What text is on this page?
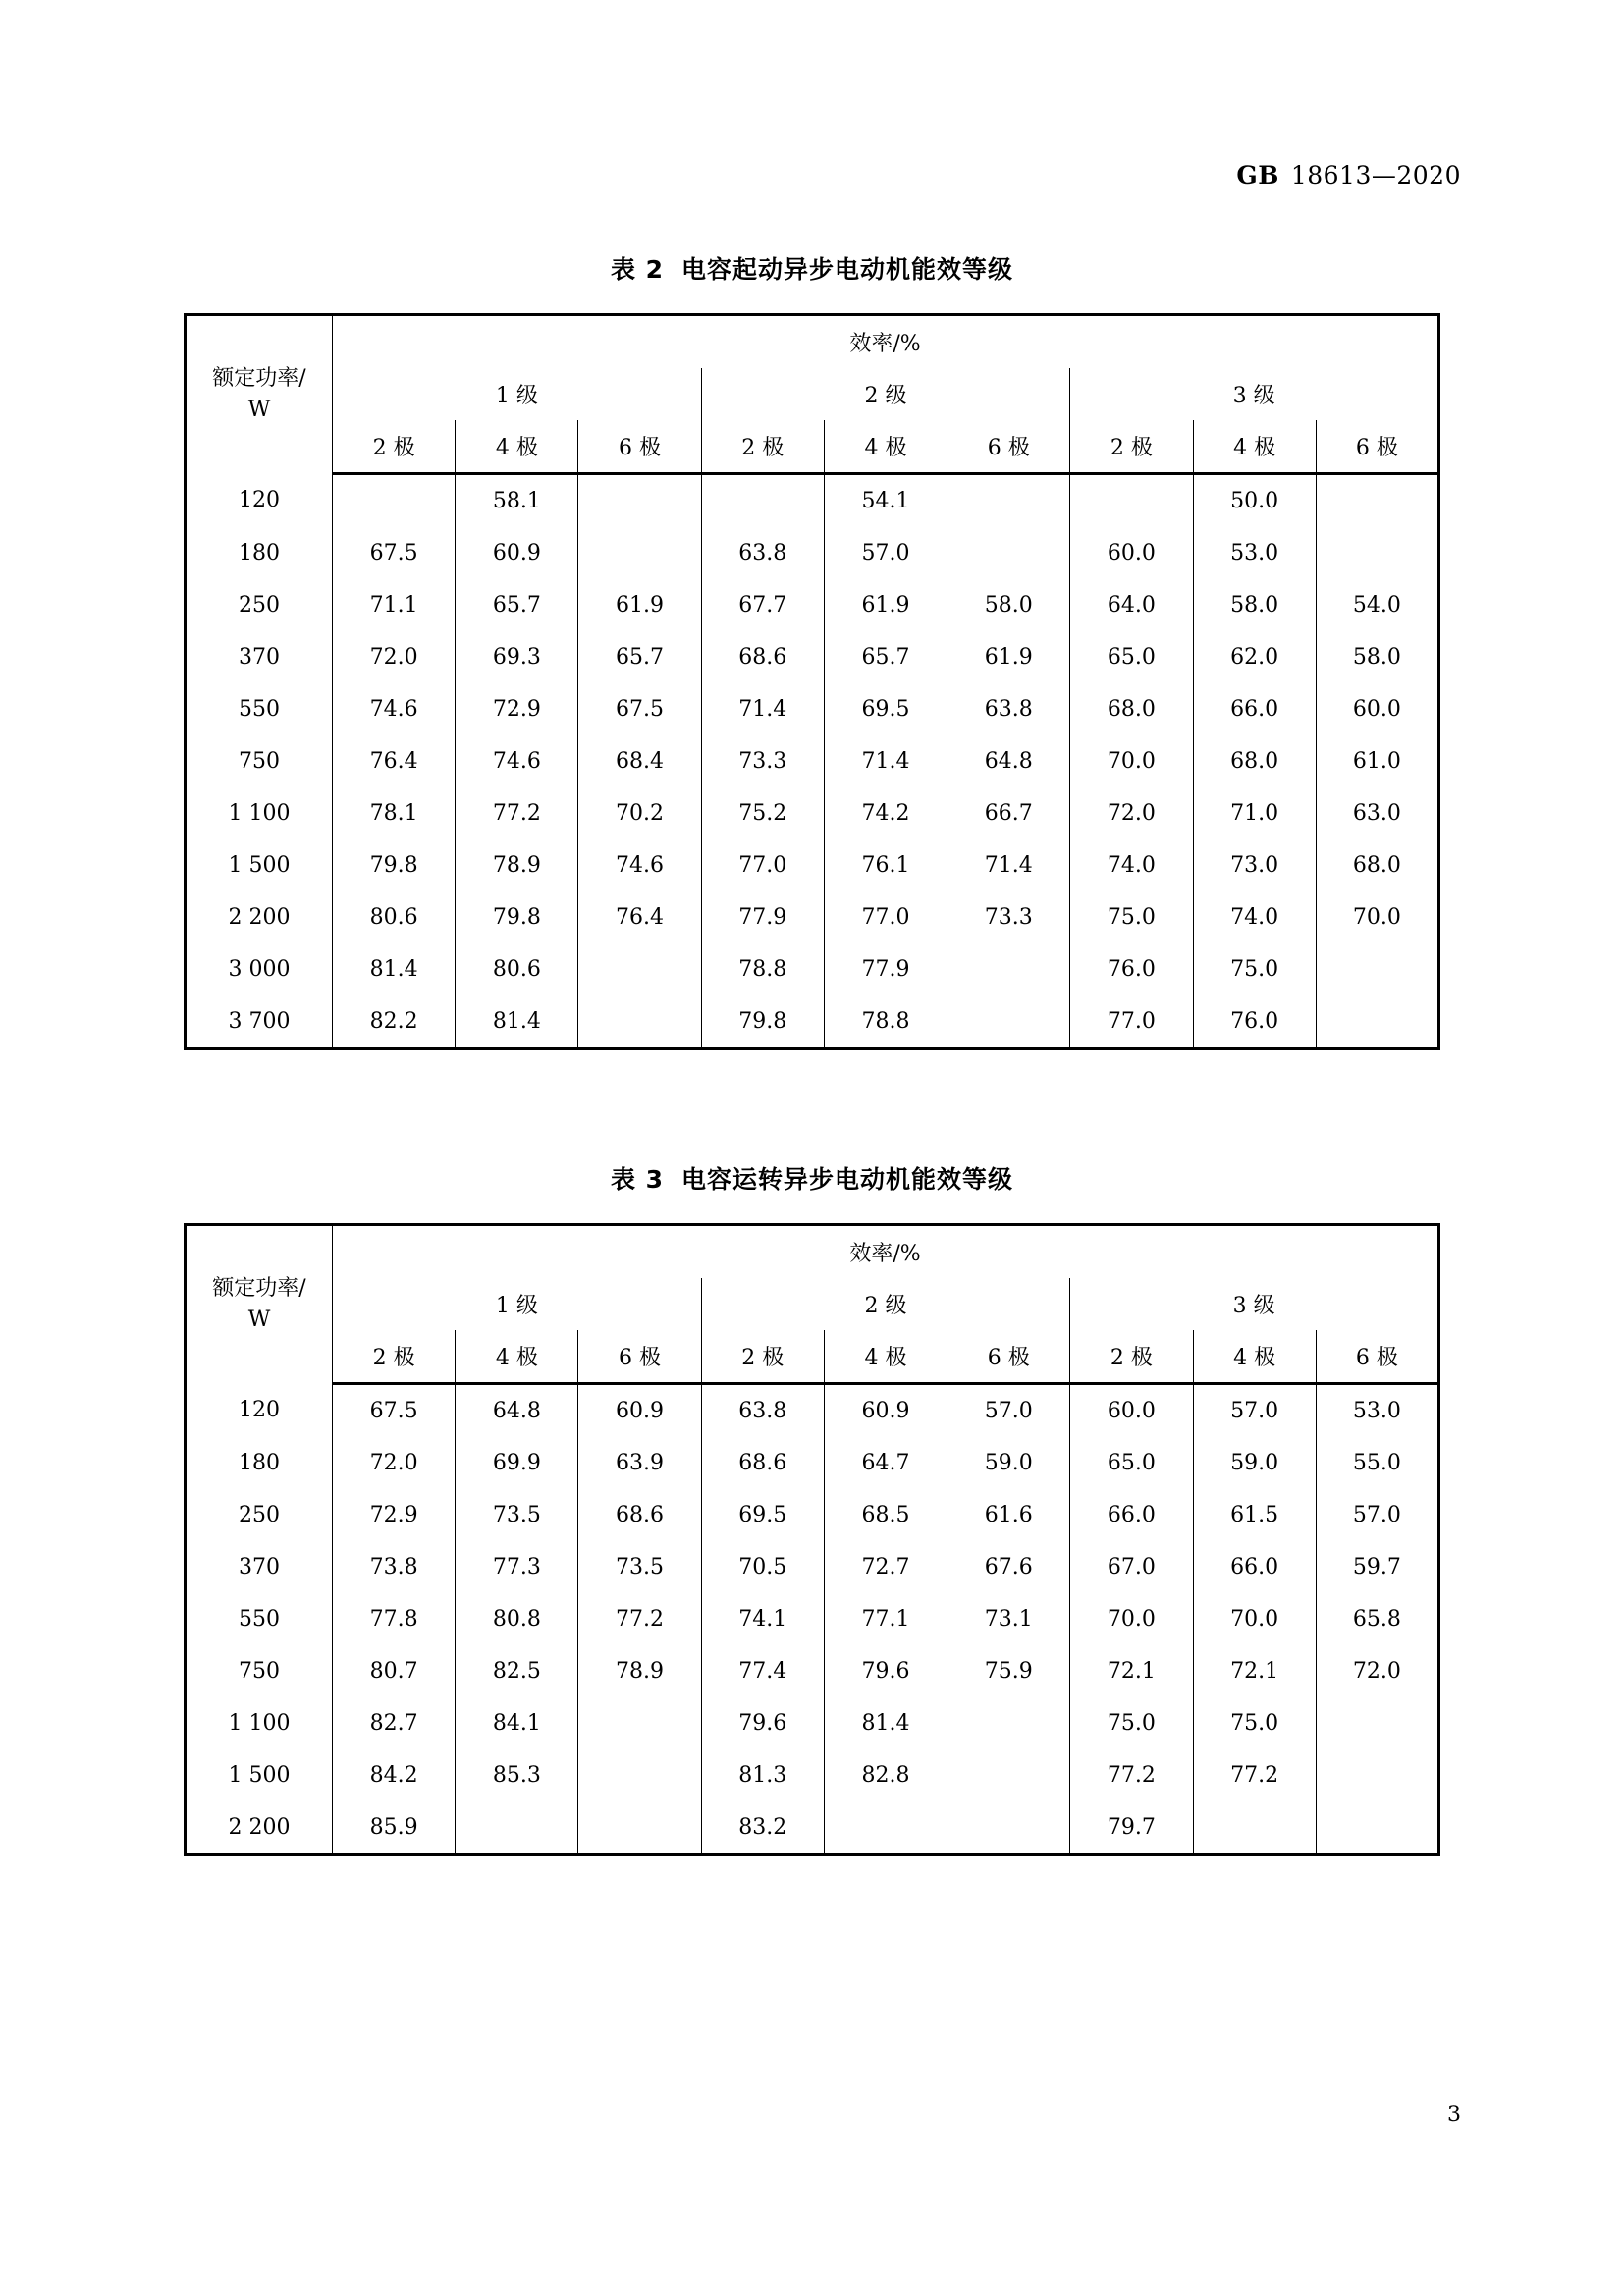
GB 18613—2020
表 2 电容起动异步电动机能效等级
额定功率/
W	效率/%								
	1 级			2 级			3 级		
	2 极	4 极	6 极	2 极	4 极	6 极	2 极	4 极	6 极
120		58.1			54.1			50.0	
180	67.5	60.9		63.8	57.0		60.0	53.0	
250	71.1	65.7	61.9	67.7	61.9	58.0	64.0	58.0	54.0
370	72.0	69.3	65.7	68.6	65.7	61.9	65.0	62.0	58.0
550	74.6	72.9	67.5	71.4	69.5	63.8	68.0	66.0	60.0
750	76.4	74.6	68.4	73.3	71.4	64.8	70.0	68.0	61.0
1 100	78.1	77.2	70.2	75.2	74.2	66.7	72.0	71.0	63.0
1 500	79.8	78.9	74.6	77.0	76.1	71.4	74.0	73.0	68.0
2 200	80.6	79.8	76.4	77.9	77.0	73.3	75.0	74.0	70.0
3 000	81.4	80.6		78.8	77.9		76.0	75.0	
3 700	82.2	81.4		79.8	78.8		77.0	76.0	
表 3 电容运转异步电动机能效等级
额定功率/
W	效率/%								
	1 级			2 级			3 级		
	2 极	4 极	6 极	2 极	4 极	6 极	2 极	4 极	6 极
120	67.5	64.8	60.9	63.8	60.9	57.0	60.0	57.0	53.0
180	72.0	69.9	63.9	68.6	64.7	59.0	65.0	59.0	55.0
250	72.9	73.5	68.6	69.5	68.5	61.6	66.0	61.5	57.0
370	73.8	77.3	73.5	70.5	72.7	67.6	67.0	66.0	59.7
550	77.8	80.8	77.2	74.1	77.1	73.1	70.0	70.0	65.8
750	80.7	82.5	78.9	77.4	79.6	75.9	72.1	72.1	72.0
1 100	82.7	84.1		79.6	81.4		75.0	75.0	
1 500	84.2	85.3		81.3	82.8		77.2	77.2	
2 200	85.9			83.2			79.7		
3
